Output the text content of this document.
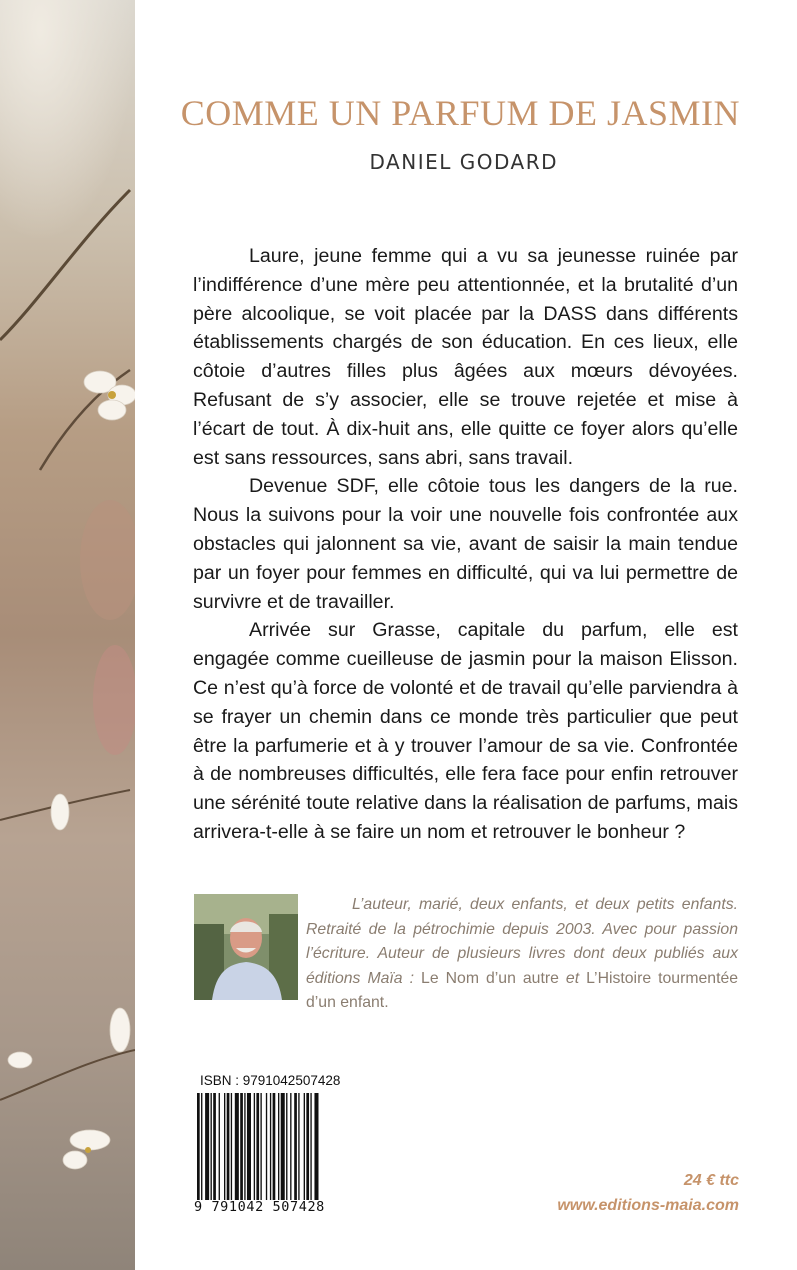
COMME UN PARFUM DE JASMIN
DANIEL GODARD

Laure, jeune femme qui a vu sa jeunesse ruinée par l’indifférence d’une mère peu attentionnée, et la brutalité d’un père alcoolique, se voit placée par la DASS dans différents établissements chargés de son éducation. En ces lieux, elle côtoie d’autres filles plus âgées aux mœurs dévoyées. Refusant de s’y associer, elle se trouve rejetée et mise à l’écart de tout. À dix-huit ans, elle quitte ce foyer alors qu’elle est sans ressources, sans abri, sans travail.

Devenue SDF, elle côtoie tous les dangers de la rue. Nous la suivons pour la voir une nouvelle fois confrontée aux obstacles qui jalonnent sa vie, avant de saisir la main tendue par un foyer pour femmes en difficulté, qui va lui permettre de survivre et de travailler.

Arrivée sur Grasse, capitale du parfum, elle est engagée comme cueilleuse de jasmin pour la maison Elisson. Ce n’est qu’à force de volonté et de travail qu’elle parviendra à se frayer un chemin dans ce monde très particulier que peut être la parfumerie et à y trouver l’amour de sa vie. Confrontée à de nombreuses difficultés, elle fera face pour enfin retrouver une sérénité toute relative dans la réalisation de parfums, mais arrivera-t-elle à se faire un nom et retrouver le bonheur ?

L’auteur, marié, deux enfants, et deux petits enfants. Retraité de la pétrochimie depuis 2003. Avec pour passion l’écriture. Auteur de plusieurs livres dont deux publiés aux éditions Maïa : Le Nom d’un autre et L’Histoire tourmentée d’un enfant.

ISBN : 9791042507428
9 791042 507428
24 € ttc
www.editions-maia.com
